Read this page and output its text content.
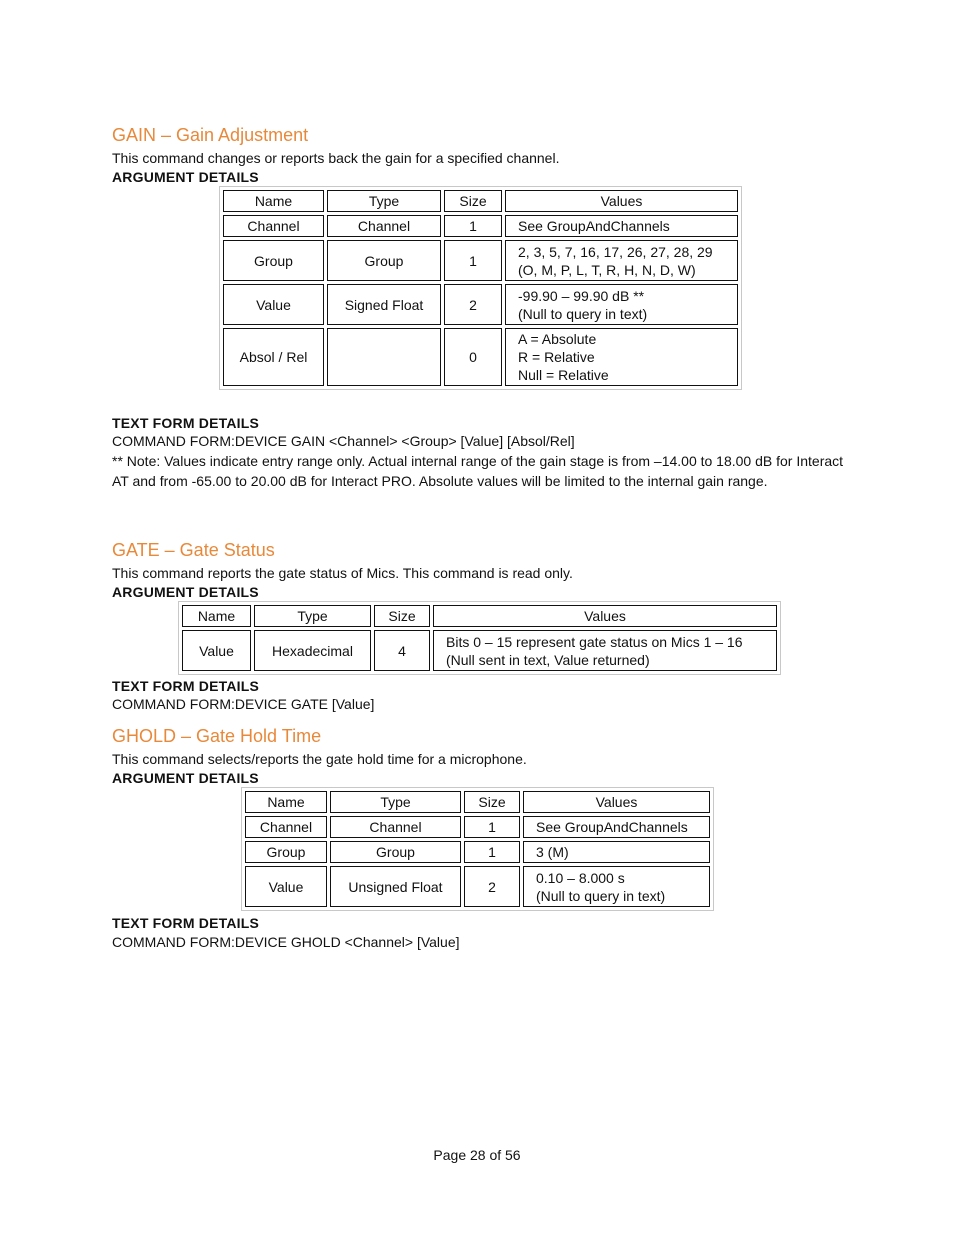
GAIN – Gain Adjustment

This command changes or reports back the gain for a specified channel.

ARGUMENT DETAILS

Name	Type	Size	Values
Channel	Channel	1	See GroupAndChannels
Group	Group	1	2, 3, 5, 7, 16, 17, 26, 27, 28, 29
(O, M, P, L, T, R, H, N, D, W)
Value	Signed Float	2	-99.90 – 99.90 dB **
(Null to query in text)
Absol / Rel		0	A = Absolute
R = Relative
Null = Relative

TEXT FORM DETAILS

COMMAND FORM:DEVICE GAIN <Channel> <Group> [Value] [Absol/Rel]

** Note: Values indicate entry range only. Actual internal range of the gain stage is from –14.00 to 18.00 dB for Interact AT and from -65.00 to 20.00 dB for Interact PRO. Absolute values will be limited to the internal gain range.

GATE – Gate Status

This command reports the gate status of Mics. This command is read only.

ARGUMENT DETAILS

Name	Type	Size	Values
Value	Hexadecimal	4	Bits 0 – 15 represent gate status on Mics 1 – 16
(Null sent in text, Value returned)

TEXT FORM DETAILS

COMMAND FORM:DEVICE GATE [Value]

GHOLD – Gate Hold Time

This command selects/reports the gate hold time for a microphone.

ARGUMENT DETAILS

Name	Type	Size	Values
Channel	Channel	1	See GroupAndChannels
Group	Group	1	3 (M)
Value	Unsigned Float	2	0.10 – 8.000 s
(Null to query in text)

TEXT FORM DETAILS

COMMAND FORM:DEVICE GHOLD <Channel> [Value]

Page 28 of 56
